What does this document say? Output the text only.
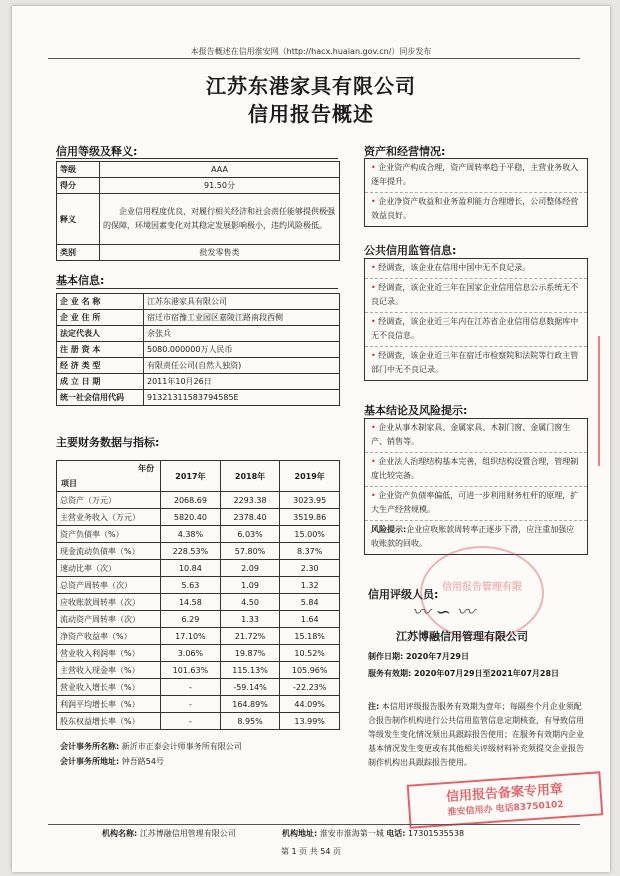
本报告概述在信用淮安网（http://hacx.huaian.gov.cn/）同步发布
江苏东港家具有限公司
信用报告概述
信用等级及释义:
等级	AAA
得分	91.50分
释义	企业信用程度优良，对履行相关经济和社会责任能够提供极强的保障，环境因素变化对其稳定发展影响极小，违约风险极低。
类别	批发零售类
基本信息:
企 业 名 称	江苏东港家具有限公司
企 业 住 所	宿迁市宿豫工业园区嘉陵江路南段西侧
法定代表人	余张兵
注 册 资 本	5080.000000万人民币
经 济 类 型	有限责任公司(自然人独资)
成 立 日 期	2011年10月26日
统一社会信用代码	91321311583794585E
主要财务数据与指标:
年份
项目	2017年	2018年	2019年
总资产（万元）	2068.69	2293.38	3023.95
主营业务收入（万元）	5820.40	2378.40	3519.86
资产负债率（%）	4.38%	6.03%	15.00%
现金流动负债率（%）	228.53%	57.80%	8.37%
速动比率（次）	10.84	2.09	2.30
总资产周转率（次）	5.63	1.09	1.32
应收账款周转率（次）	14.58	4.50	5.84
流动资产周转率（次）	6.29	1.33	1.64
净资产收益率（%）	17.10%	21.72%	15.18%
营业收入利润率（%）	3.06%	19.87%	10.52%
主营收入现金率（%）	101.63%	115.13%	105.96%
营业收入增长率（%）	-	-59.14%	-22.23%
利润平均增长率（%）	-	164.89%	44.09%
股东权益增长率（%）	-	8.95%	13.99%
会计事务所名称: 新沂市正泰会计师事务所有限公司
会计事务所地址: 钟吾路54号
资产和经营情况:
• 企业资产构成合理，资产周转率趋于平稳，主营业务收入逐年提升。
• 企业净资产收益和业务盈利能力合理增长，公司整体经营效益良好。
公共信用监管信息:
• 经调查，该企业在信用中国中无不良记录。
• 经调查，该企业近三年在国家企业信用信息公示系统无不良记录。
• 经调查，该企业近三年内在江苏省企业信用信息数据库中无不良信息。
• 经调查，该企业近三年在宿迁市检察院和法院等行政主管部门中无不良记录。
基本结论及风险提示:
• 企业从事木制家具、金属家具、木制门窗、金属门窗生产、销售等。
• 企业法人治理结构基本完善，组织结构设置合理，管理制度比较完备。
• 企业资产负债率偏低，可进一步利用财务杠杆的原理，扩大生产经营规模。
风险提示:企业应收账款周转率正逐步下滑，应注重加强应收账款的回收。
信用评级人员:
〰 ∽ 〰
信用报告管理有限
江苏博融信用管理有限公司
制作日期: 2020年7月29日
服务有效期: 2020年07月29日至2021年07月28日
注: 本信用评级报告服务有效期为壹年；每隔叁个月企业须配合报告制作机构进行公共信用监管信息定期核查，有导致信用等级发生变化情况须出具跟踪报告使用；在服务有效期内企业基本情况发生变更或有其他相关评级材料补充须提交企业报告制作机构出具跟踪报告使用。
信用报告备案专用章
淮安信用办 电话83750102
机构名称: 江苏博融信用管理有限公司	机构地址: 淮安市淮海第一城 电话: 17301535538
第 1 页 共 54 页
